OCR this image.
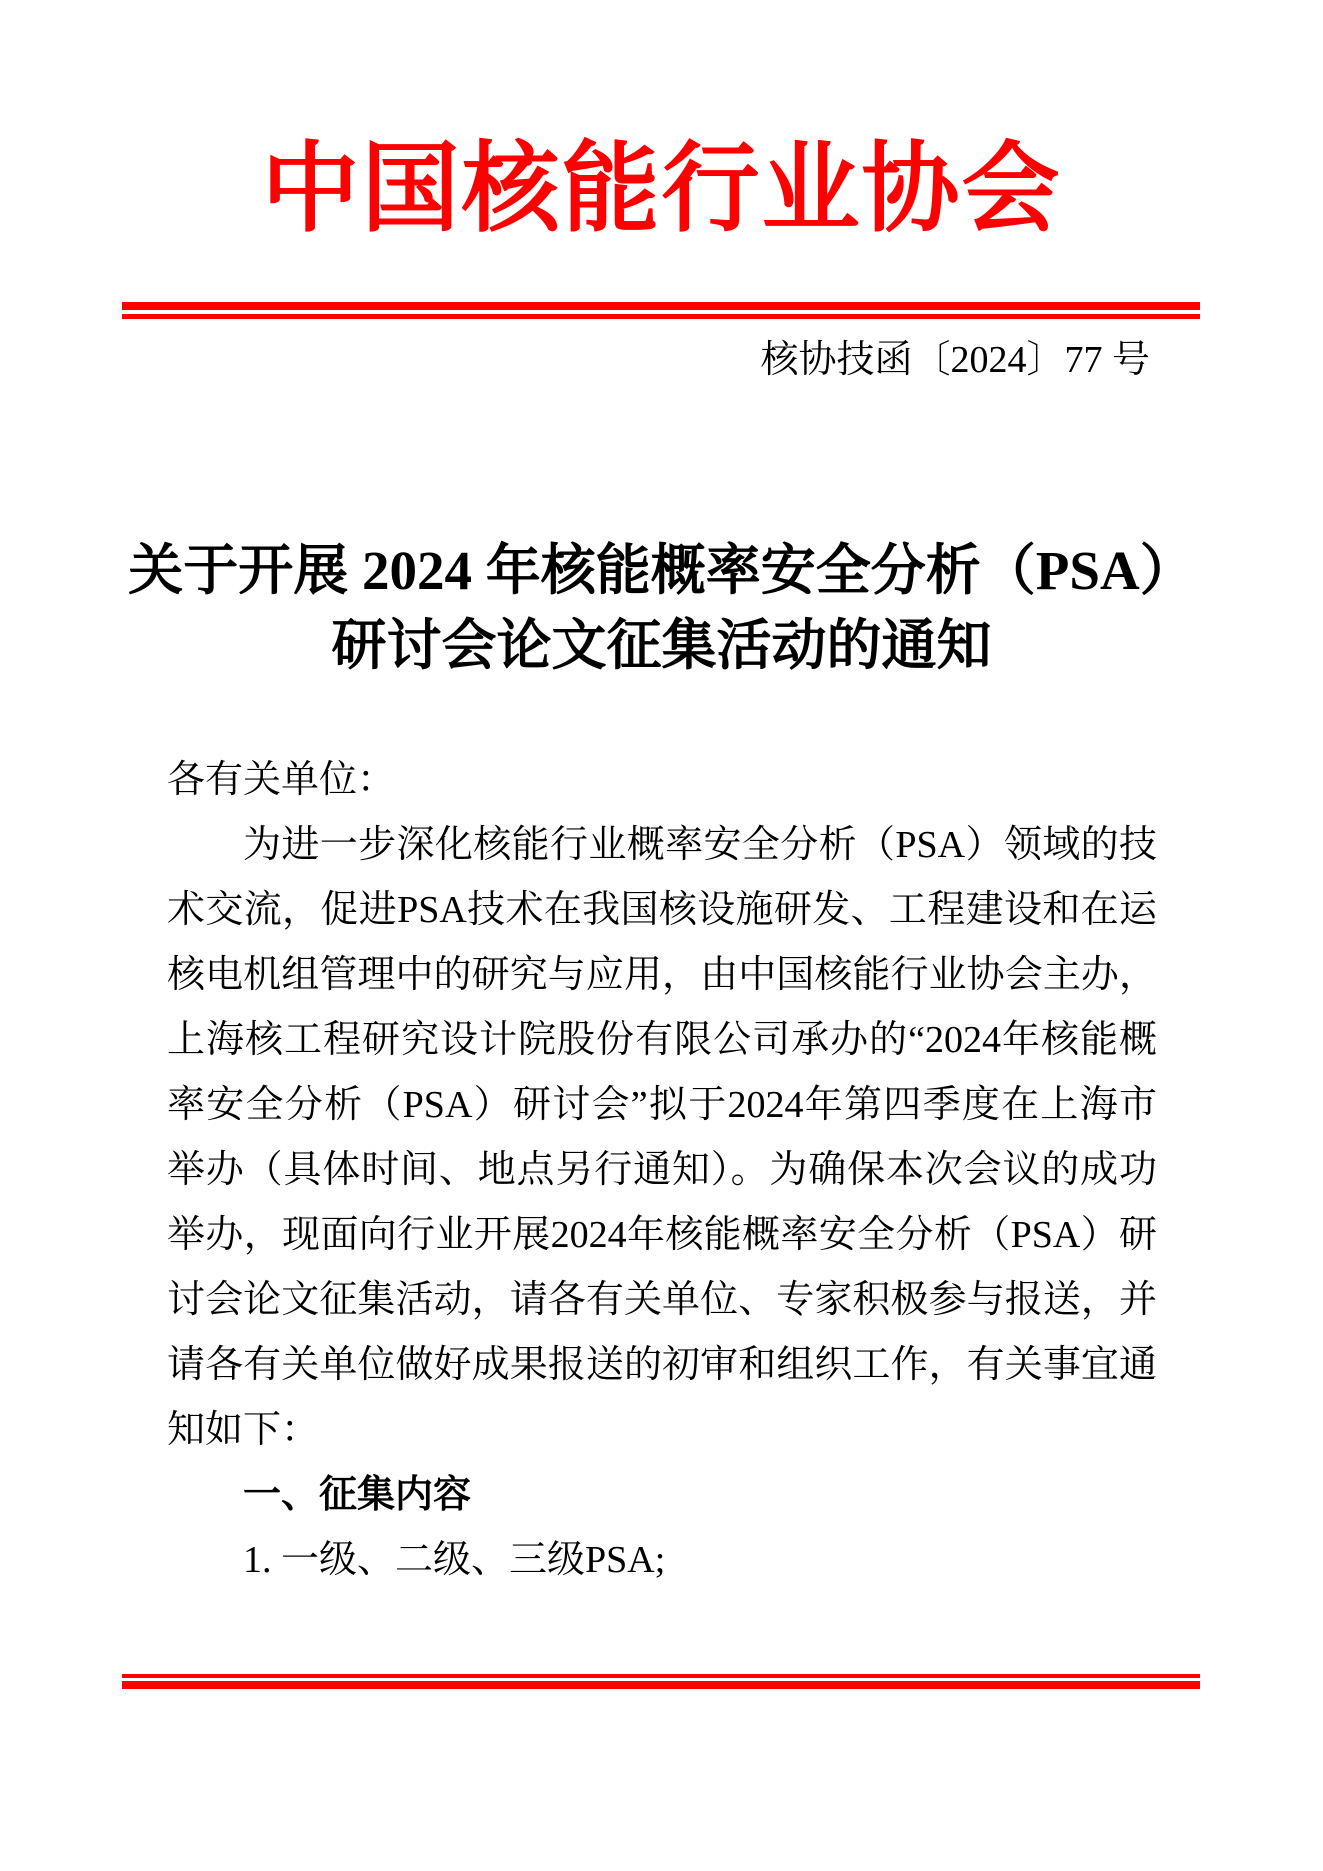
中国核能行业协会
核协技函〔2024〕77 号
关于开展 2024 年核能概率安全分析（PSA）
研讨会论文征集活动的通知
各有关单位：
为进一步深化核能行业概率安全分析（PSA）领域的技
术交流，促进PSA技术在我国核设施研发、工程建设和在运
核电机组管理中的研究与应用，由中国核能行业协会主办，
上海核工程研究设计院股份有限公司承办的“2024年核能概
率安全分析（PSA）研讨会”拟于2024年第四季度在上海市
举办（具体时间、地点另行通知）。为确保本次会议的成功
举办，现面向行业开展2024年核能概率安全分析（PSA）研
讨会论文征集活动，请各有关单位、专家积极参与报送，并
请各有关单位做好成果报送的初审和组织工作，有关事宜通
知如下：
一、征集内容
1. 一级、二级、三级PSA;
